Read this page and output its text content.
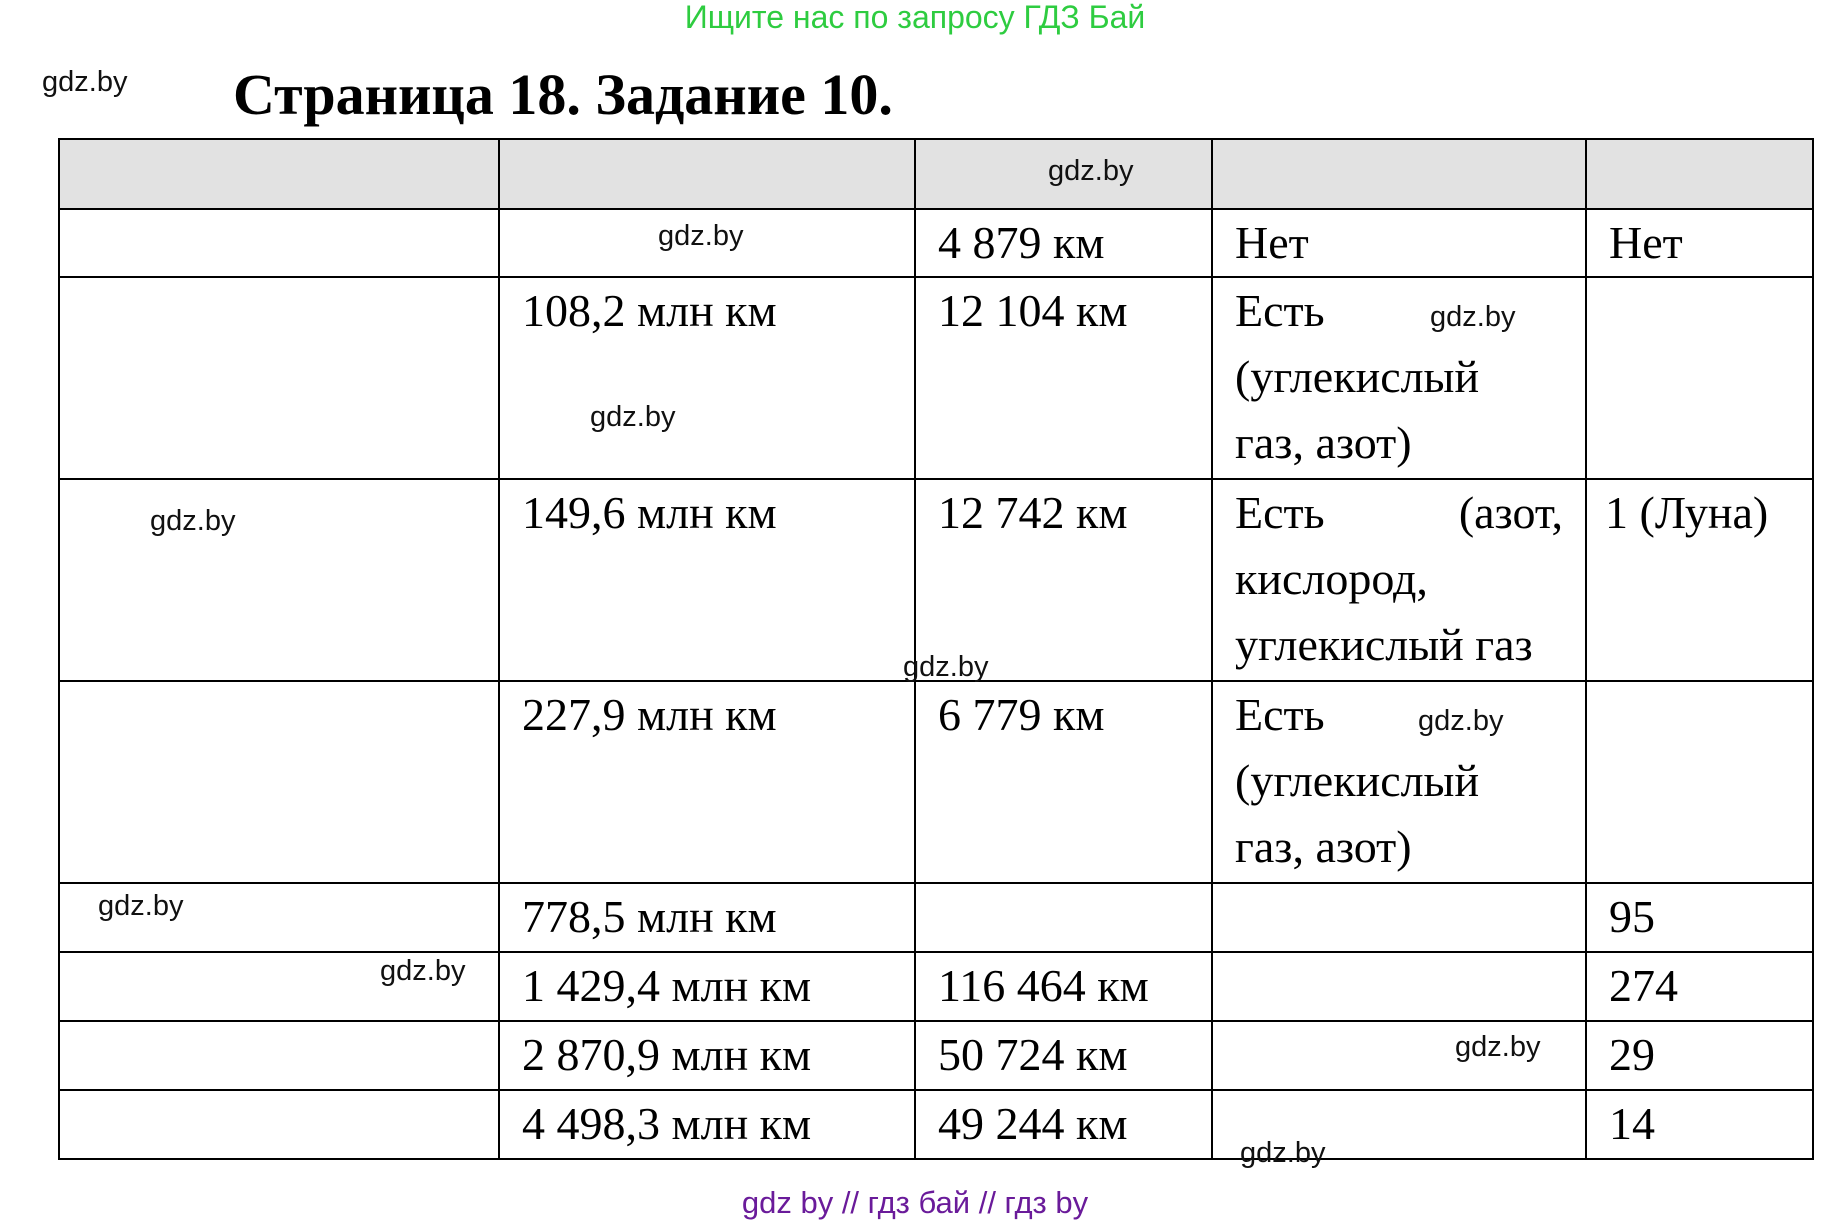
Ищите нас по запросу ГДЗ Бай
gdz.by Страница 18. Задание 10.

		4 879 км	Нет	Нет
	108,2 млн км	12 104 км	Есть
(углекислый
газ, азот)	

	149,6 млн км	12 742 км	Есть (азот,
кислород,
углекислый газ	1 (Луна)
	227,9 млн км	6 779 км	Есть
(углекислый
газ, азот)	

	778,5 млн км			95
	1 429,4 млн км	116 464 км		274
	2 870,9 млн км	50 724 км		29
	4 498,3 млн км	49 244 км		14
gdz.by
gdz.by
gdz.by
gdz.by
gdz.by
gdz.by
gdz.by
gdz.by
gdz.by
gdz.by
gdz.by
gdz by // гдз бай // гдз by
